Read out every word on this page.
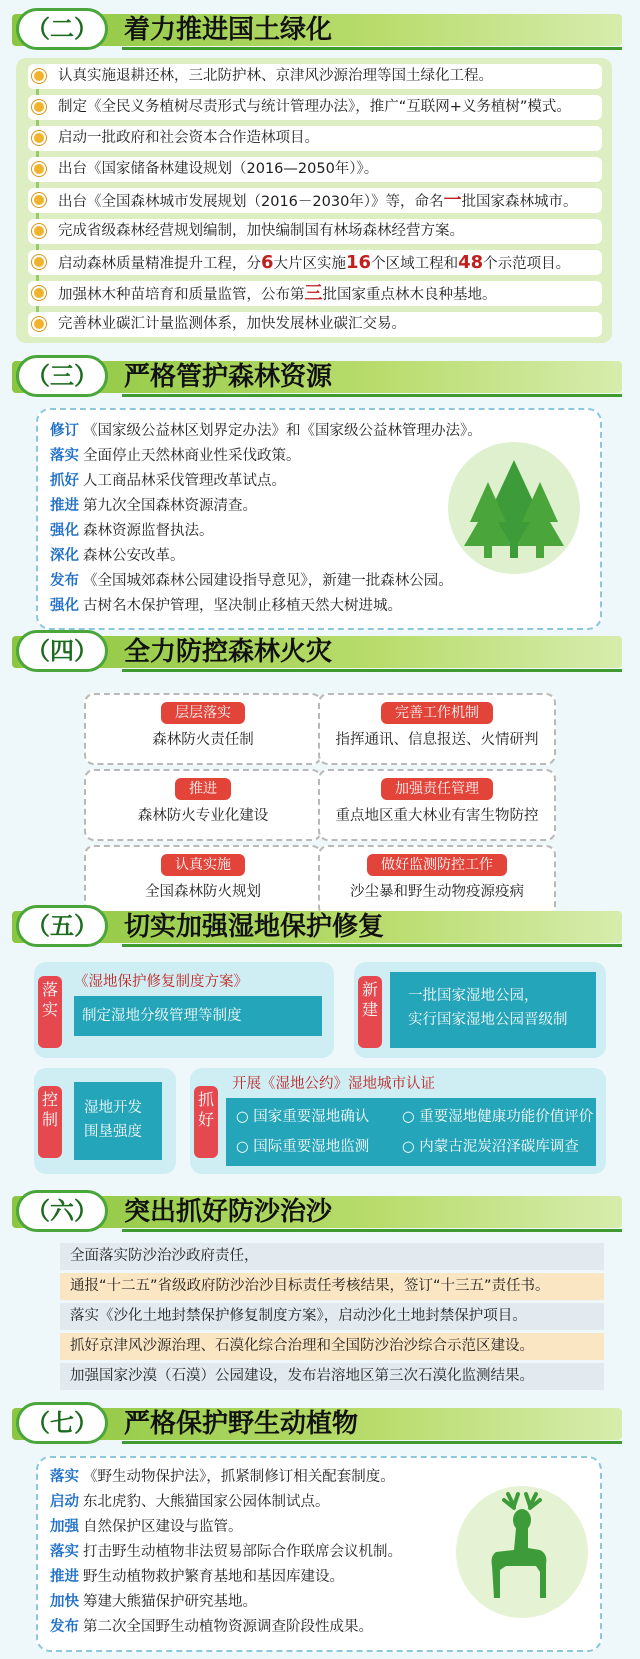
（二）	着力推进国土绿化
认真实施退耕还林，三北防护林、京津风沙源治理等国土绿化工程。
制定《全民义务植树尽责形式与统计管理办法》，推广“互联网+义务植树”模式。
启动一批政府和社会资本合作造林项目。
出台《国家储备林建设规划（2016—2050年）》。
出台《全国森林城市发展规划（2016－2030年）》等，命名一批国家森林城市。
完成省级森林经营规划编制，加快编制国有林场森林经营方案。
启动森林质量精准提升工程，分6大片区实施16个区域工程和48个示范项目。
加强林木种苗培育和质量监管，公布第三批国家重点林木良种基地。
完善林业碳汇计量监测体系，加快发展林业碳汇交易。
（三）	严格管护森林资源
修订 《国家级公益林区划界定办法》和《国家级公益林管理办法》。
落实 全面停止天然林商业性采伐政策。
抓好 人工商品林采伐管理改革试点。
推进 第九次全国森林资源清查。
强化 森林资源监督执法。
深化 森林公安改革。
发布 《全国城郊森林公园建设指导意见》，新建一批森林公园。
强化 古树名木保护管理，坚决制止移植天然大树进城。
（四）	全力防控森林火灾
层层落实
森林防火责任制
完善工作机制
指挥通讯、信息报送、火情研判
推进
森林防火专业化建设
加强责任管理
重点地区重大林业有害生物防控
认真实施
全国森林防火规划
做好监测防控工作
沙尘暴和野生动物疫源疫病
（五）	切实加强湿地保护修复
落实
《湿地保护修复制度方案》
制定湿地分级管理等制度
新建
一批国家湿地公园，
实行国家湿地公园晋级制
控制
湿地开发围垦强度
抓好
开展《湿地公约》湿地城市认证
○ 国家重要湿地确认 ○ 重要湿地健康功能价值评价

○ 国际重要湿地监测 ○ 内蒙古泥炭沼泽碳库调查
（六）	突出抓好防沙治沙
全面落实防沙治沙政府责任，
通报“十二五”省级政府防沙治沙目标责任考核结果，签订“十三五”责任书。
落实《沙化土地封禁保护修复制度方案》，启动沙化土地封禁保护项目。
抓好京津风沙源治理、石漠化综合治理和全国防沙治沙综合示范区建设。
加强国家沙漠（石漠）公园建设，发布岩溶地区第三次石漠化监测结果。
（七）	严格保护野生动植物
落实 《野生动物保护法》，抓紧制修订相关配套制度。
启动 东北虎豹、大熊猫国家公园体制试点。
加强 自然保护区建设与监管。
落实 打击野生动植物非法贸易部际合作联席会议机制。
推进 野生动植物救护繁育基地和基因库建设。
加快 筹建大熊猫保护研究基地。
发布 第二次全国野生动植物资源调查阶段性成果。
